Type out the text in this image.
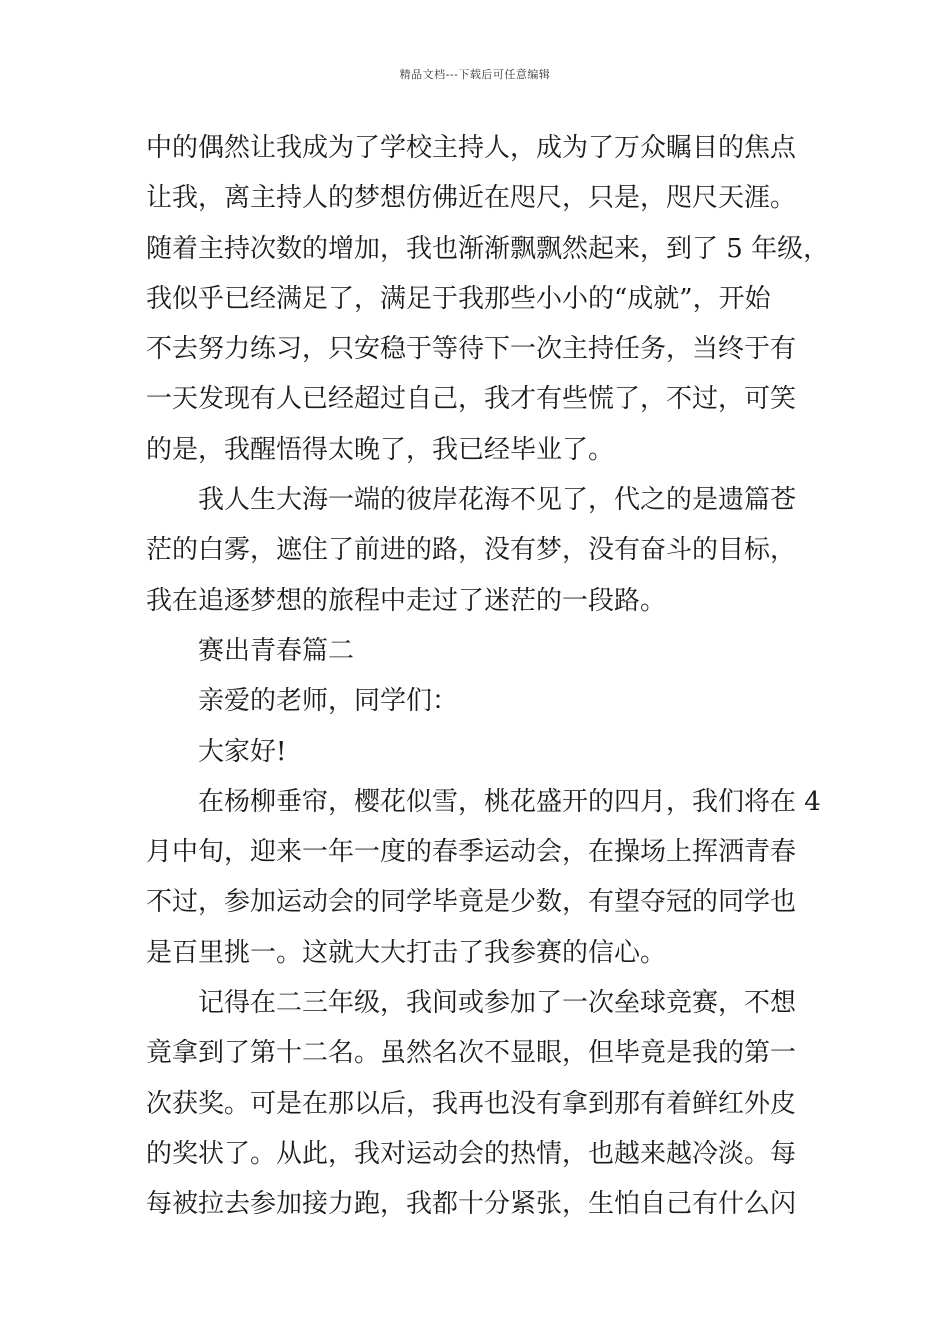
精品文档---下载后可任意编辑
中的偶然让我成为了学校主持人，成为了万众瞩目的焦点
让我，离主持人的梦想仿佛近在咫尺，只是，咫尺天涯。
随着主持次数的增加，我也渐渐飘飘然起来，到了 5 年级，
我似乎已经满足了，满足于我那些小小的“成就”，开始
不去努力练习，只安稳于等待下一次主持任务，当终于有
一天发现有人已经超过自己，我才有些慌了，不过，可笑
的是，我醒悟得太晚了，我已经毕业了。
我人生大海一端的彼岸花海不见了，代之的是遗篇苍
茫的白雾，遮住了前进的路，没有梦，没有奋斗的目标，
我在追逐梦想的旅程中走过了迷茫的一段路。
赛出青春篇二
亲爱的老师，同学们：
大家好!
在杨柳垂帘，樱花似雪，桃花盛开的四月，我们将在 4
月中旬，迎来一年一度的春季运动会，在操场上挥洒青春
不过，参加运动会的同学毕竟是少数，有望夺冠的同学也
是百里挑一。这就大大打击了我参赛的信心。
记得在二三年级，我间或参加了一次垒球竞赛，不想
竟拿到了第十二名。虽然名次不显眼，但毕竟是我的第一
次获奖。可是在那以后，我再也没有拿到那有着鲜红外皮
的奖状了。从此，我对运动会的热情，也越来越冷淡。每
每被拉去参加接力跑，我都十分紧张，生怕自己有什么闪
